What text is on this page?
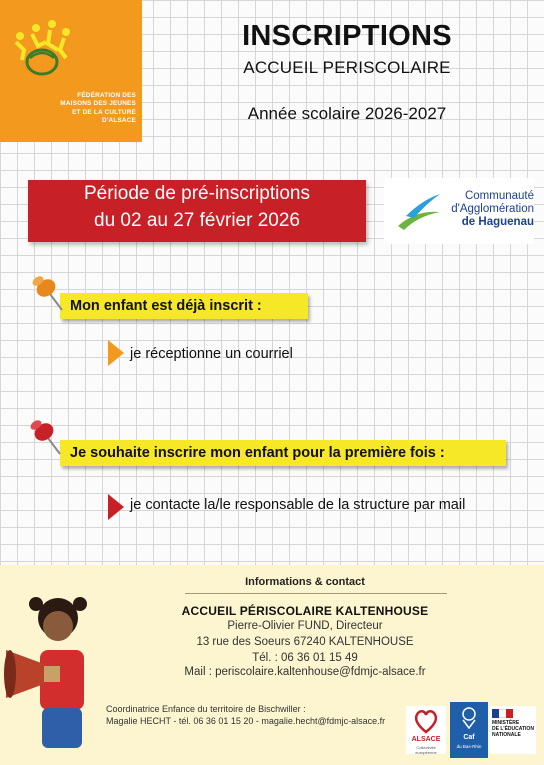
FÉDÉRATION DES
MAISONS DES JEUNES
ET DE LA CULTURE
D'ALSACE
INSCRIPTIONS
ACCUEIL PERISCOLAIRE
Année scolaire 2026-2027
Période de pré-inscriptions
du 02 au 27 février 2026
Communauté
d'Agglomération
de Haguenau
Mon enfant est déjà inscrit :
je réceptionne un courriel
Je souhaite inscrire mon enfant pour la première fois :
je contacte la/le responsable de la structure par mail
Informations & contact
ACCUEIL PÉRISCOLAIRE KALTENHOUSE
Pierre-Olivier FUND, Directeur
13 rue des Soeurs 67240 KALTENHOUSE
Tél. : 06 36 01 15 49
Mail : periscolaire.kaltenhouse@fdmjc-alsace.fr
Coordinatrice Enfance du territoire de Bischwiller :
Magalie HECHT - tél. 06 36 01 15 20 - magalie.hecht@fdmjc-alsace.fr
ALSACE
Collectivité européenne
Caf
du Bas-Rhin
MINISTÈRE
DE L'ÉDUCATION
NATIONALE
